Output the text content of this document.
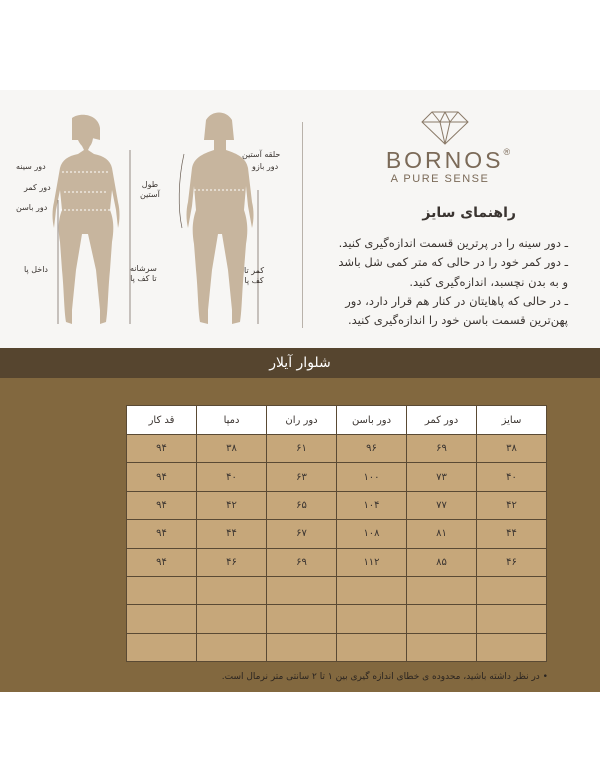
دور سینه
دور کمر
دور باسن
داخل پا	سرشانه
تا کف پا
حلقه آستین
دور بازو
طول
آستین
کمر تا
کف پا
BORNOS®
A PURE SENSE
راهنمای سایز

ـ دور سینه را در پرترین قسمت اندازه‌گیری کنید.

ـ دور کمر خود را در حالی که متر کمی شل باشد

و به بدن نچسبد، اندازه‌گیری کنید.

ـ در حالی که پاهایتان در کنار هم قرار دارد، دور

پهن‌ترین قسمت باسن خود را اندازه‌گیری کنید.

شلوار آیلار
سایز	دور کمر	دور باسن	دور ران	دمپا	قد کار
۳۸	۶۹	۹۶	۶۱	۳۸	۹۴
۴۰	۷۳	۱۰۰	۶۳	۴۰	۹۴
۴۲	۷۷	۱۰۴	۶۵	۴۲	۹۴
۴۴	۸۱	۱۰۸	۶۷	۴۴	۹۴
۴۶	۸۵	۱۱۲	۶۹	۴۶	۹۴

• در نظر داشته باشید، محدوده ی خطای اندازه گیری بین ۱ تا ۲ سانتی متر نرمال است.
